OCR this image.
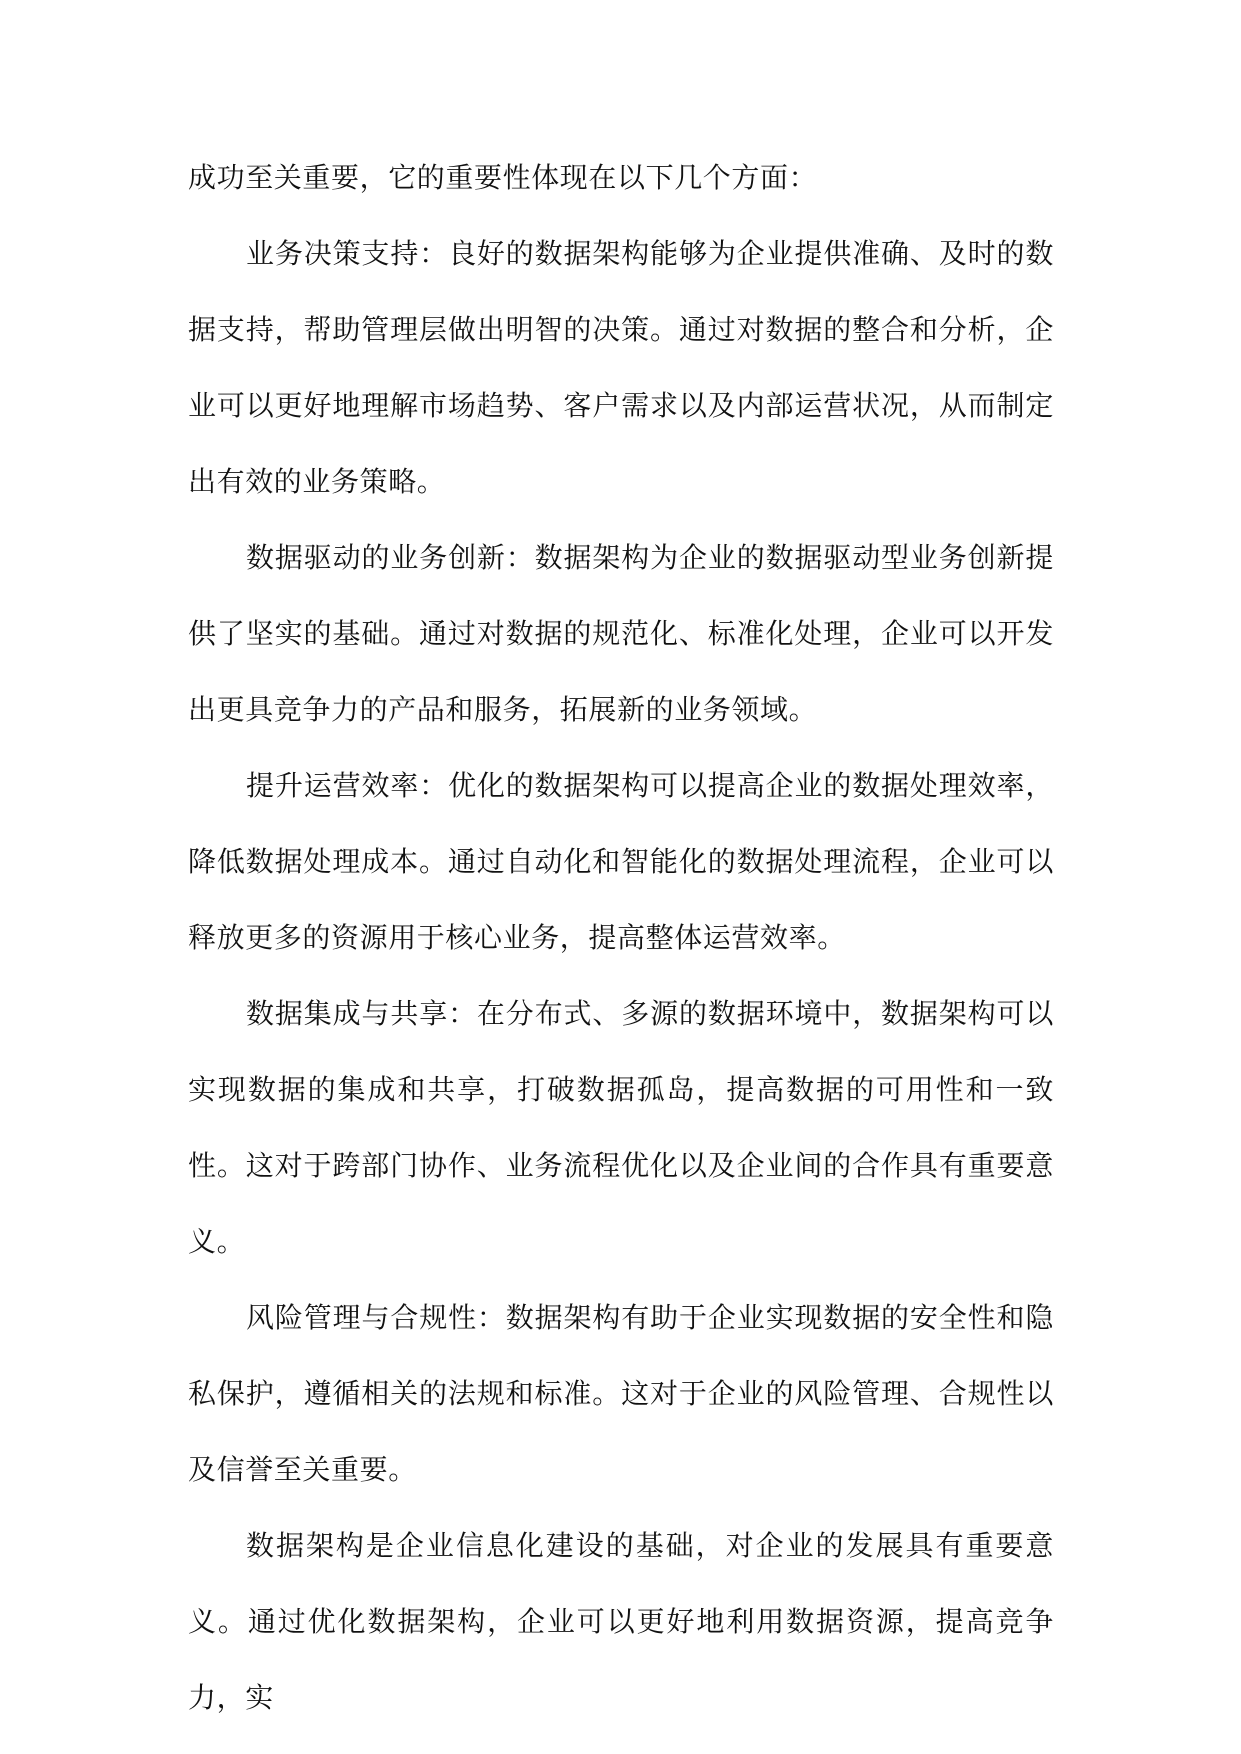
成功至关重要，它的重要性体现在以下几个方面：

业务决策支持：良好的数据架构能够为企业提供准确、及时的数据支持，帮助管理层做出明智的决策。通过对数据的整合和分析，企业可以更好地理解市场趋势、客户需求以及内部运营状况，从而制定出有效的业务策略。

数据驱动的业务创新：数据架构为企业的数据驱动型业务创新提供了坚实的基础。通过对数据的规范化、标准化处理，企业可以开发出更具竞争力的产品和服务，拓展新的业务领域。

提升运营效率：优化的数据架构可以提高企业的数据处理效率，降低数据处理成本。通过自动化和智能化的数据处理流程，企业可以释放更多的资源用于核心业务，提高整体运营效率。

数据集成与共享：在分布式、多源的数据环境中，数据架构可以实现数据的集成和共享，打破数据孤岛，提高数据的可用性和一致性。这对于跨部门协作、业务流程优化以及企业间的合作具有重要意义。

风险管理与合规性：数据架构有助于企业实现数据的安全性和隐私保护，遵循相关的法规和标准。这对于企业的风险管理、合规性以及信誉至关重要。

数据架构是企业信息化建设的基础，对企业的发展具有重要意义。通过优化数据架构，企业可以更好地利用数据资源，提高竞争力，实
